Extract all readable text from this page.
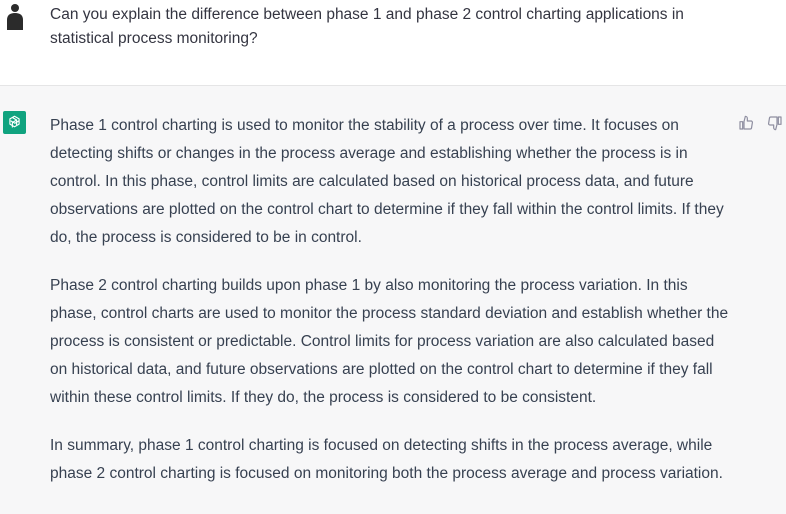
Can you explain the difference between phase 1 and phase 2 control charting applications in statistical process monitoring?

Phase 1 control charting is used to monitor the stability of a process over time. It focuses on detecting shifts or changes in the process average and establishing whether the process is in control. In this phase, control limits are calculated based on historical process data, and future observations are plotted on the control chart to determine if they fall within the control limits. If they do, the process is considered to be in control.

Phase 2 control charting builds upon phase 1 by also monitoring the process variation. In this phase, control charts are used to monitor the process standard deviation and establish whether the process is consistent or predictable. Control limits for process variation are also calculated based on historical data, and future observations are plotted on the control chart to determine if they fall within these control limits. If they do, the process is considered to be consistent.

In summary, phase 1 control charting is focused on detecting shifts in the process average, while phase 2 control charting is focused on monitoring both the process average and process variation.
